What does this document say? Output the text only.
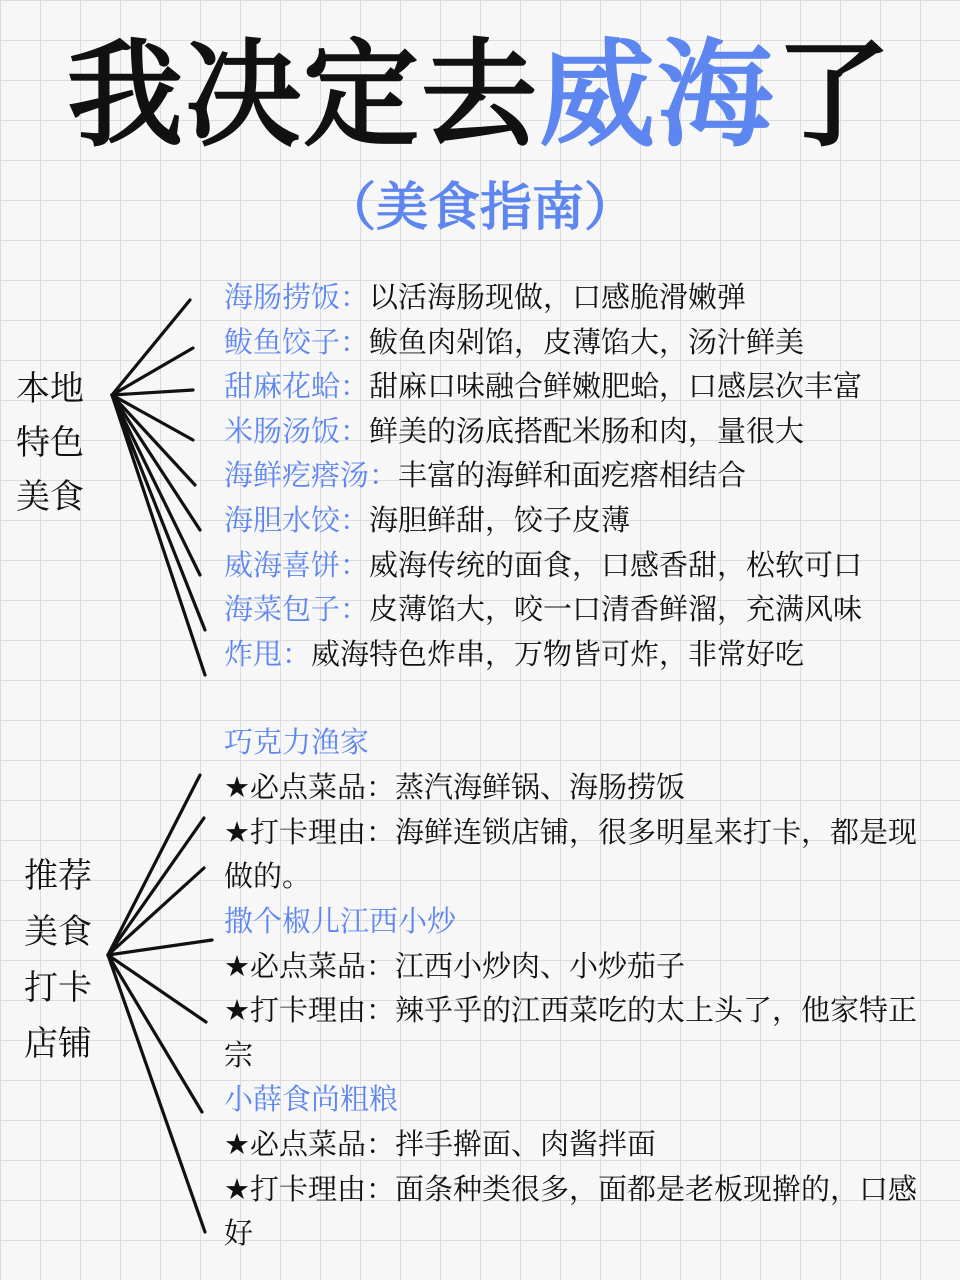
我决定去威海了
（美食指南）
本地
特色
美食
推荐
美食
打卡
店铺
海肠捞饭：以活海肠现做，口感脆滑嫩弹
鲅鱼饺子：鲅鱼肉剁馅，皮薄馅大，汤汁鲜美
甜麻花蛤：甜麻口味融合鲜嫩肥蛤，口感层次丰富
米肠汤饭：鲜美的汤底搭配米肠和肉，量很大
海鲜疙瘩汤：丰富的海鲜和面疙瘩相结合
海胆水饺：海胆鲜甜，饺子皮薄
威海喜饼：威海传统的面食，口感香甜，松软可口
海菜包子：皮薄馅大，咬一口清香鲜溜，充满风味
炸甩：威海特色炸串，万物皆可炸，非常好吃
巧克力渔家
★必点菜品：蒸汽海鲜锅、海肠捞饭
★打卡理由：海鲜连锁店铺，很多明星来打卡，都是现做的。
撒个椒儿江西小炒
★必点菜品：江西小炒肉、小炒茄子
★打卡理由：辣乎乎的江西菜吃的太上头了，他家特正宗
小薛食尚粗粮
★必点菜品：拌手擀面、肉酱拌面
★打卡理由：面条种类很多，面都是老板现擀的，口感好
